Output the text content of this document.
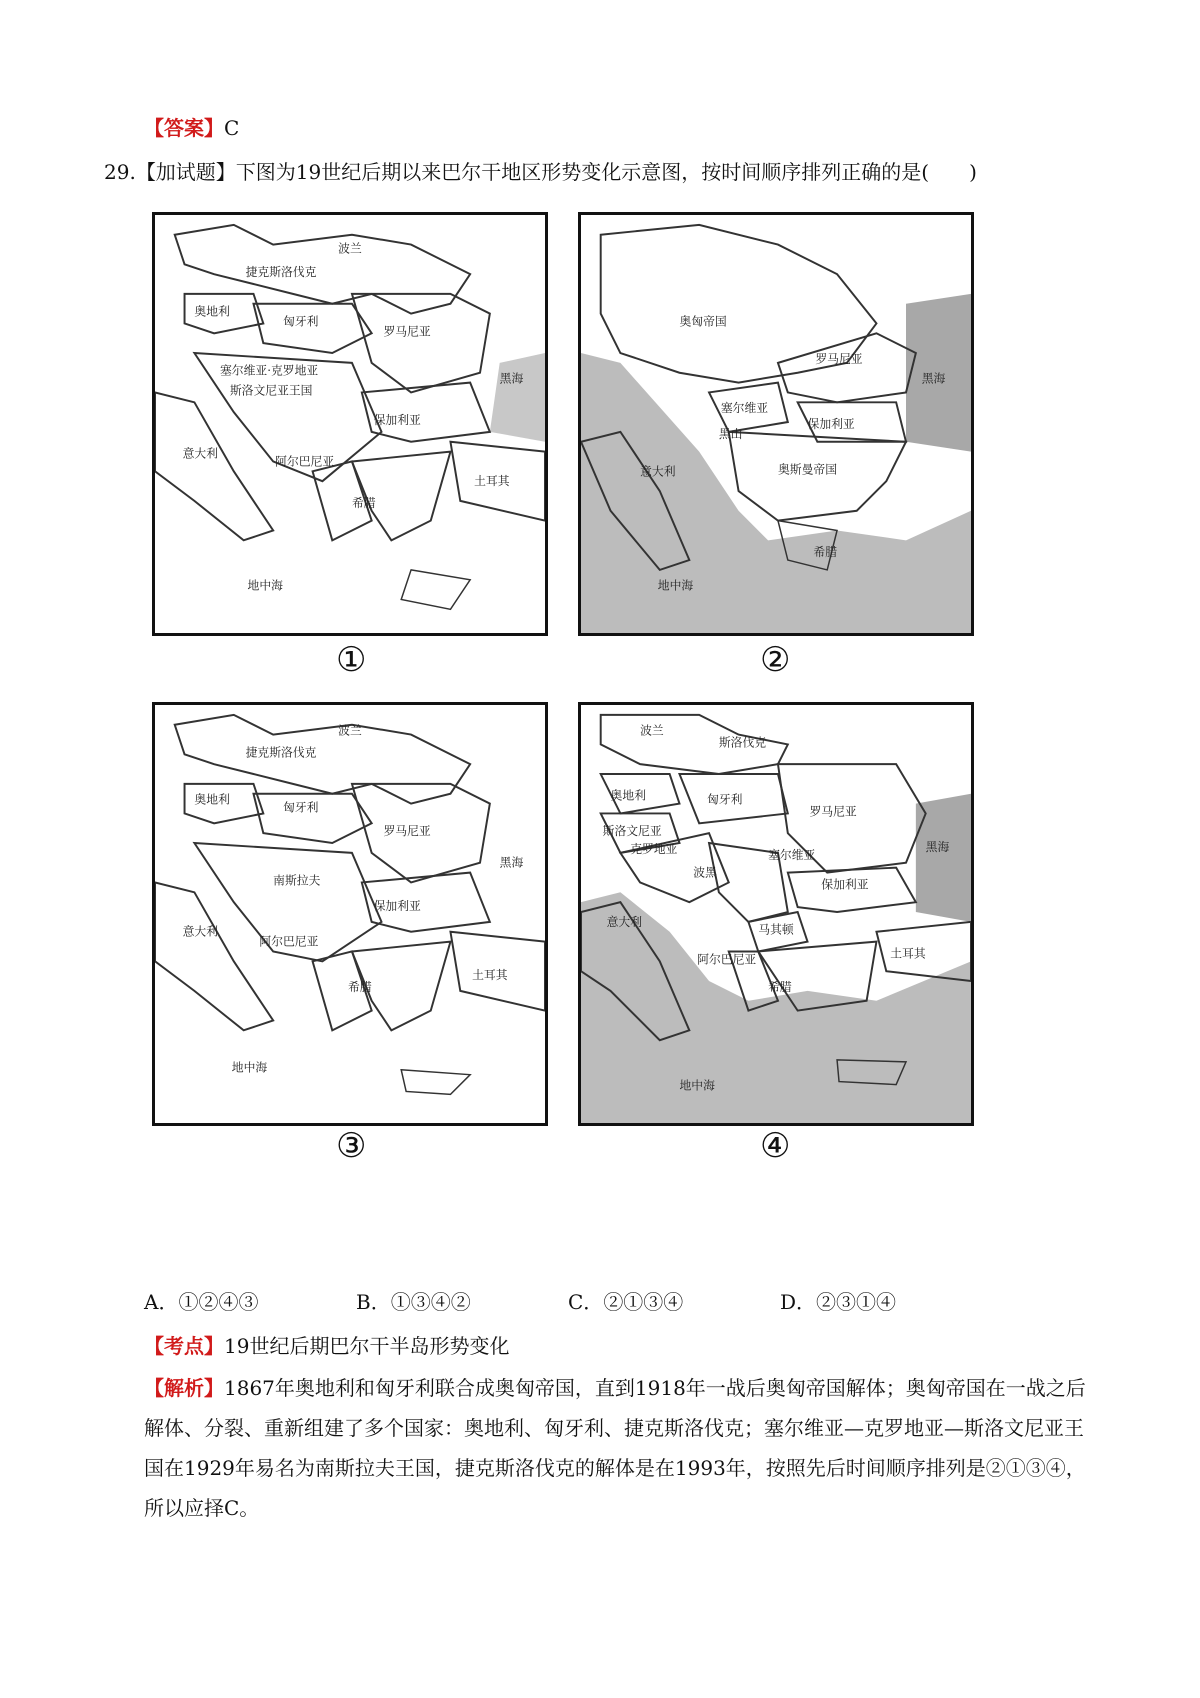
【答案】C
29.【加试题】下图为19世纪后期以来巴尔干地区形势变化示意图，按时间顺序排列正确的是(　　)
波兰
捷克斯洛伐克
奥地利
匈牙利
罗马尼亚
塞尔维亚·克罗地亚
斯洛文尼亚王国
保加利亚
黑海
意大利
阿尔巴尼亚
希腊
土耳其
地中海
①
奥匈帝国
罗马尼亚
黑海
塞尔维亚
保加利亚
黑山
意大利	奥斯曼帝国
希腊
地中海
②
波兰
捷克斯洛伐克
奥地利
匈牙利
罗马尼亚
南斯拉夫
保加利亚
黑海
意大利
阿尔巴尼亚
希腊
土耳其
地中海
③
波兰
斯洛伐克
奥地利	匈牙利
罗马尼亚
斯洛文尼亚
克罗地亚
波黑
塞尔维亚
黑海
保加利亚
意大利
马其顿
阿尔巴尼亚
希腊
土耳其
地中海
④
A．①②④③	B．①③④②	C．②①③④	D．②③①④
【考点】19世纪后期巴尔干半岛形势变化
【解析】1867年奥地利和匈牙利联合成奥匈帝国，直到1918年一战后奥匈帝国解体；奥匈帝国在一战之后解体、分裂、重新组建了多个国家：奥地利、匈牙利、捷克斯洛伐克；塞尔维亚—克罗地亚—斯洛文尼亚王国在1929年易名为南斯拉夫王国，捷克斯洛伐克的解体是在1993年，按照先后时间顺序排列是②①③④，所以应择C。
